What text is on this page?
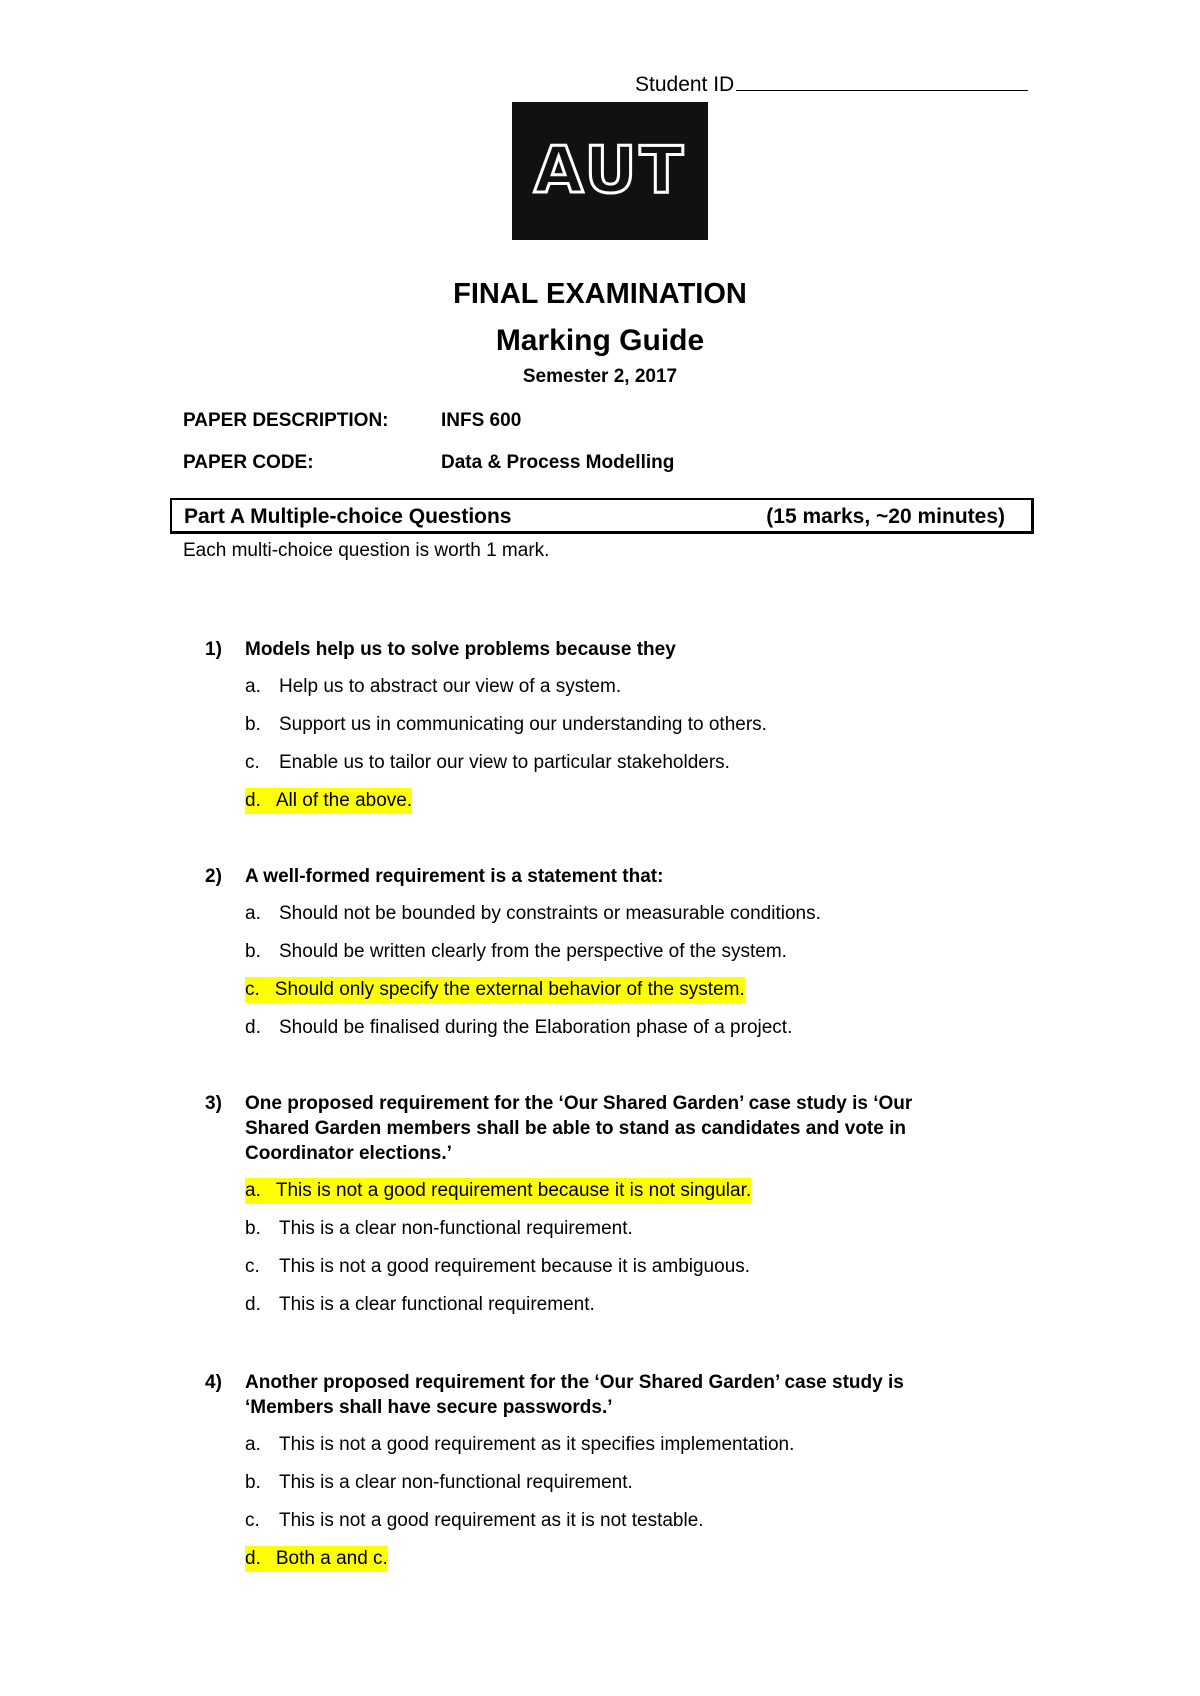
Student ID
AUT
FINAL EXAMINATION
Marking Guide
Semester 2, 2017
PAPER DESCRIPTION:	INFS 600
PAPER CODE:	Data & Process Modelling
Part A Multiple-choice Questions	(15 marks, ~20 minutes)
Each multi-choice question is worth 1 mark.
1)	Models help us to solve problems because they
a. Help us to abstract our view of a system.
b. Support us in communicating our understanding to others.
c.	Enable us to tailor our view to particular stakeholders.
d. All of the above.
2)	A well-formed requirement is a statement that:
a. Should not be bounded by constraints or measurable conditions.
b. Should be written clearly from the perspective of the system.
c. Should only specify the external behavior of the system.
d. Should be finalised during the Elaboration phase of a project.
3)	One proposed requirement for the ‘Our Shared Garden’ case study is ‘Our Shared Garden members shall be able to stand as candidates and vote in Coordinator elections.’
a. This is not a good requirement because it is not singular.
b. This is a clear non-functional requirement.
c.	This is not a good requirement because it is ambiguous.
d. This is a clear functional requirement.
4)	Another proposed requirement for the ‘Our Shared Garden’ case study is ‘Members shall have secure passwords.’
a. This is not a good requirement as it specifies implementation.
b. This is a clear non-functional requirement.
c.	This is not a good requirement as it is not testable.
d. Both a and c.
